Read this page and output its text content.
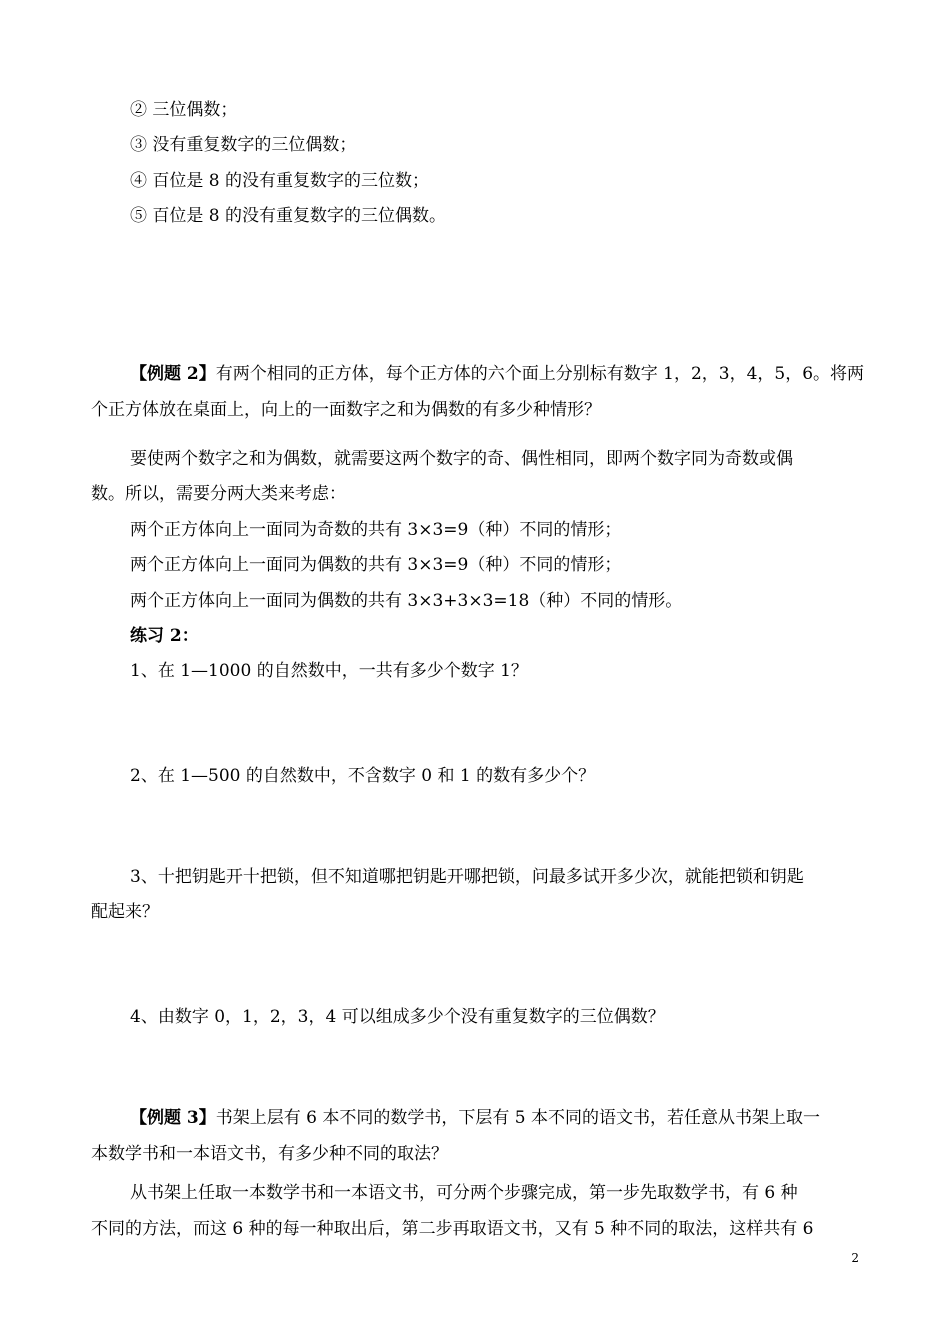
② 三位偶数；
③ 没有重复数字的三位偶数；
④ 百位是 8 的没有重复数字的三位数；
⑤ 百位是 8 的没有重复数字的三位偶数。
【例题 2】有两个相同的正方体，每个正方体的六个面上分别标有数字 1，2，3，4，5，6。将两
个正方体放在桌面上，向上的一面数字之和为偶数的有多少种情形？
要使两个数字之和为偶数，就需要这两个数字的奇、偶性相同，即两个数字同为奇数或偶
数。所以，需要分两大类来考虑：
两个正方体向上一面同为奇数的共有 3×3=9（种）不同的情形；
两个正方体向上一面同为偶数的共有 3×3=9（种）不同的情形；
两个正方体向上一面同为偶数的共有 3×3+3×3=18（种）不同的情形。
练习 2：
1、在 1—1000 的自然数中，一共有多少个数字 1？
2、在 1—500 的自然数中，不含数字 0 和 1 的数有多少个？
3、十把钥匙开十把锁，但不知道哪把钥匙开哪把锁，问最多试开多少次，就能把锁和钥匙
配起来？
4、由数字 0，1，2，3，4 可以组成多少个没有重复数字的三位偶数？
【例题 3】书架上层有 6 本不同的数学书，下层有 5 本不同的语文书，若任意从书架上取一
本数学书和一本语文书，有多少种不同的取法？
从书架上任取一本数学书和一本语文书，可分两个步骤完成，第一步先取数学书，有 6 种
不同的方法，而这 6 种的每一种取出后，第二步再取语文书，又有 5 种不同的取法，这样共有 6
2
